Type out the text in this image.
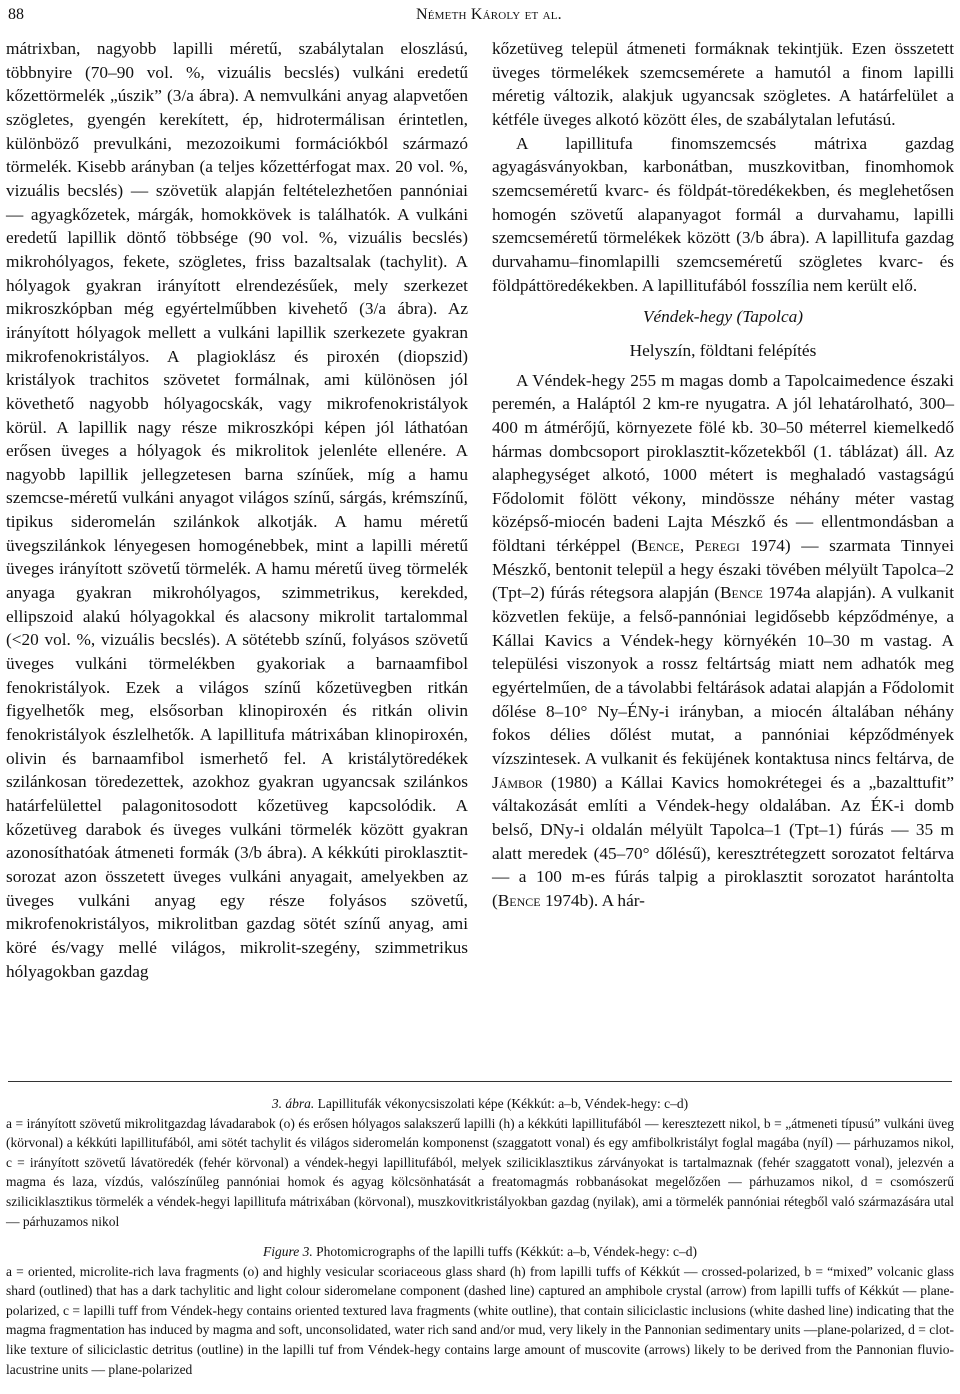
88	Németh Károly et al.

mátrixban, nagyobb lapilli méretű, szabálytalan eloszlású, többnyire (70–90 vol. %, vizuális becslés) vulkáni eredetű kőzettörmelék „úszik” (3/a ábra). A nemvulkáni anyag alapvetően szögletes, gyengén kerekített, ép, hidrotermálisan érintetlen, különböző prevulkáni, mezozoikumi formációkból származó törmelék. Kisebb arányban (a teljes kőzettérfogat max. 20 vol. %, vizuális becslés) — szövetük alapján feltételezhetően pannóniai — agyagkőzetek, márgák, homokkövek is találhatók. A vulkáni eredetű lapillik döntő többsége (90 vol. %, vizuális becslés) mikrohólyagos, fekete, szögletes, friss bazaltsalak (tachylit). A hólyagok gyakran irányított elrendezésűek, mely szerkezet mikroszkópban még egyértelműbben kivehető (3/a ábra). Az irányított hólyagok mellett a vulkáni lapillik szerkezete gyakran mikrofenokristályos. A plagioklász és piroxén (diopszid) kristályok trachitos szövetet formálnak, ami különösen jól követhető nagyobb hólyagocskák, vagy mikrofenokristályok körül. A lapillik nagy része mikroszkópi képen jól láthatóan erősen üveges a hólyagok és mikrolitok jelenléte ellenére. A nagyobb lapillik jellegzetesen barna színűek, míg a hamu szemcse-méretű vulkáni anyagot világos színű, sárgás, krémszínű, tipikus sideromelán szilánkok alkotják. A hamu méretű üvegszilánkok lényegesen homogénebbek, mint a lapilli méretű üveges irányított szövetű törmelék. A hamu méretű üveg törmelék anyaga gyakran mikrohólyagos, szimmetrikus, kerekded, ellipszoid alakú hólyagokkal és alacsony mikrolit tartalommal (<20 vol. %, vizuális becslés). A sötétebb színű, folyásos szövetű üveges vulkáni törmelékben gyakoriak a barnaamfibol fenokristályok. Ezek a világos színű kőzetüvegben ritkán figyelhetők meg, elsősorban klinopiroxén és ritkán olivin fenokristályok észlelhetők. A lapillitufa mátrixában klinopiroxén, olivin és barnaamfibol ismerhető fel. A kristálytöredékek szilánkosan töredezettek, azokhoz gyakran ugyancsak szilánkos határfelülettel palagonitosodott kőzetüveg kapcsolódik. A kőzetüveg darabok és üveges vulkáni törmelék között gyakran azonosíthatóak átmeneti formák (3/b ábra). A kékkúti piroklasztit-sorozat azon összetett üveges vulkáni anyagait, amelyekben az üveges vulkáni anyag egy része folyásos szövetű, mikrofenokristályos, mikrolitban gazdag sötét színű anyag, ami köré és/vagy mellé világos, mikrolit-szegény, szimmetrikus hólyagokban gazdag

kőzetüveg települ átmeneti formáknak tekintjük. Ezen összetett üveges törmelékek szemcsemérete a hamutól a finom lapilli méretig változik, alakjuk ugyancsak szögletes. A határfelület a kétféle üveges alkotó között éles, de szabálytalan lefutású.

A lapillitufa finomszemcsés mátrixa gazdag agyagásványokban, karbonátban, muszkovitban, finomhomok szemcseméretű kvarc- és földpát-töredékekben, és meglehetősen homogén szövetű alapanyagot formál a durvahamu, lapilli szemcseméretű törmelékek között (3/b ábra). A lapillitufa gazdag durvahamu–finomlapilli szemcseméretű szögletes kvarc- és földpáttöredékekben. A lapillitufából fosszília nem került elő.

Véndek-hegy (Tapolca)
Helyszín, földtani felépítés

A Véndek-hegy 255 m magas domb a Tapolcaimedence északi peremén, a Haláptól 2 km-re nyugatra. A jól lehatárolható, 300–400 m átmérőjű, környezete fölé kb. 30–50 méterrel kiemelkedő hármas dombcsoport piroklasztit-kőzetekből (1. táblázat) áll. Az alaphegységet alkotó, 1000 métert is meghaladó vastagságú Fődolomit fölött vékony, mindössze néhány méter vastag középső-miocén badeni Lajta Mészkő és — ellentmondásban a földtani térképpel (Bence, Peregi 1974) — szarmata Tinnyei Mészkő, bentonit települ a hegy északi tövében mélyült Tapolca–2 (Tpt–2) fúrás rétegsora alapján (Bence 1974a alapján). A vulkanit közvetlen feküje, a felső-pannóniai legidősebb képződménye, a Kállai Kavics a Véndek-hegy környékén 10–30 m vastag. A települési viszonyok a rossz feltártság miatt nem adhatók meg egyértelműen, de a távolabbi feltárások adatai alapján a Fődolomit dőlése 8–10° Ny–ÉNy-i irányban, a miocén általában néhány fokos délies dőlést mutat, a pannóniai képződmények vízszintesek. A vulkanit és feküjének kontaktusa nincs feltárva, de Jámbor (1980) a Kállai Kavics homokrétegei és a „bazalttufit” váltakozását említi a Véndek-hegy oldalában. Az ÉK-i domb belső, DNy-i oldalán mélyült Tapolca–1 (Tpt–1) fúrás — 35 m alatt meredek (45–70° dőlésű), keresztrétegzett sorozatot feltárva — a 100 m-es fúrás talpig a piroklasztit sorozatot harántolta (Bence 1974b). A hár-

3. ábra. Lapillitufák vékonycsiszolati képe (Kékkút: a–b, Véndek-hegy: c–d)

a = irányított szövetű mikrolitgazdag lávadarabok (o) és erősen hólyagos salakszerű lapilli (h) a kékkúti lapillitufából — keresztezett nikol, b = „átmeneti típusú” vulkáni üveg (körvonal) a kékkúti lapillitufából, ami sötét tachylit és világos sideromelán komponenst (szaggatott vonal) és egy amfibolkristályt foglal magába (nyíl) — párhuzamos nikol, c = irányított szövetű lávatöredék (fehér körvonal) a véndek-hegyi lapillitufából, melyek sziliciklasztikus zárványokat is tartalmaznak (fehér szaggatott vonal), jelezvén a magma és laza, vízdús, valószínűleg pannóniai homok és agyag kölcsönhatását a freatomagmás robbanásokat megelőzően — párhuzamos nikol, d = csomószerű sziliciklasztikus törmelék a véndek-hegyi lapillitufa mátrixában (körvonal), muszkovitkristályokban gazdag (nyilak), ami a törmelék pannóniai rétegből való származására utal — párhuzamos nikol

Figure 3. Photomicrographs of the lapilli tuffs (Kékkút: a–b, Véndek-hegy: c–d)

a = oriented, microlite-rich lava fragments (o) and highly vesicular scoriaceous glass shard (h) from lapilli tuffs of Kékkút — crossed-polarized, b = “mixed” volcanic glass shard (outlined) that has a dark tachylitic and light colour sideromelane component (dashed line) captured an amphibole crystal (arrow) from lapilli tuffs of Kékkút — plane-polarized, c = lapilli tuff from Véndek-hegy contains oriented textured lava fragments (white outline), that contain siliciclastic inclusions (white dashed line) indicating that the magma fragmentation has induced by magma and soft, unconsolidated, water rich sand and/or mud, very likely in the Pannonian sedimentary units —plane-polarized, d = clot-like texture of siliciclastic detritus (outline) in the lapilli tuf from Véndek-hegy contains large amount of muscovite (arrows) likely to be derived from the Pannonian fluvio-lacustrine units — plane-polarized
